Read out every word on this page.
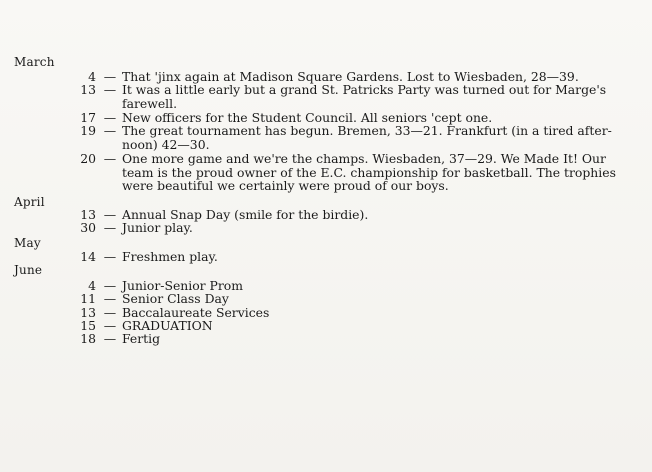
March
April
May
June
4 — That 'jinx again at Madison Square Gardens. Lost to Wiesbaden, 28—39.
13 — It was a little early but a grand St. Patricks Party was turned out for Marge's
farewell.
17 — New officers for the Student Council. All seniors 'cept one.
19 — The great tournament has begun. Bremen, 33—21. Frankfurt (in a tired after-
noon) 42—30.
20 — One more game and we're the champs. Wiesbaden, 37—29. We Made It! Our
team is the proud owner of the E.C. championship for basketball. The trophies
were beautiful we certainly were proud of our boys.
13 — Annual Snap Day (smile for the birdie).
30 — Junior play.
14 — Freshmen play.
4 — Junior-Senior Prom
11 — Senior Class Day
13 — Baccalaureate Services
15 — GRADUATION
18 — Fertig
